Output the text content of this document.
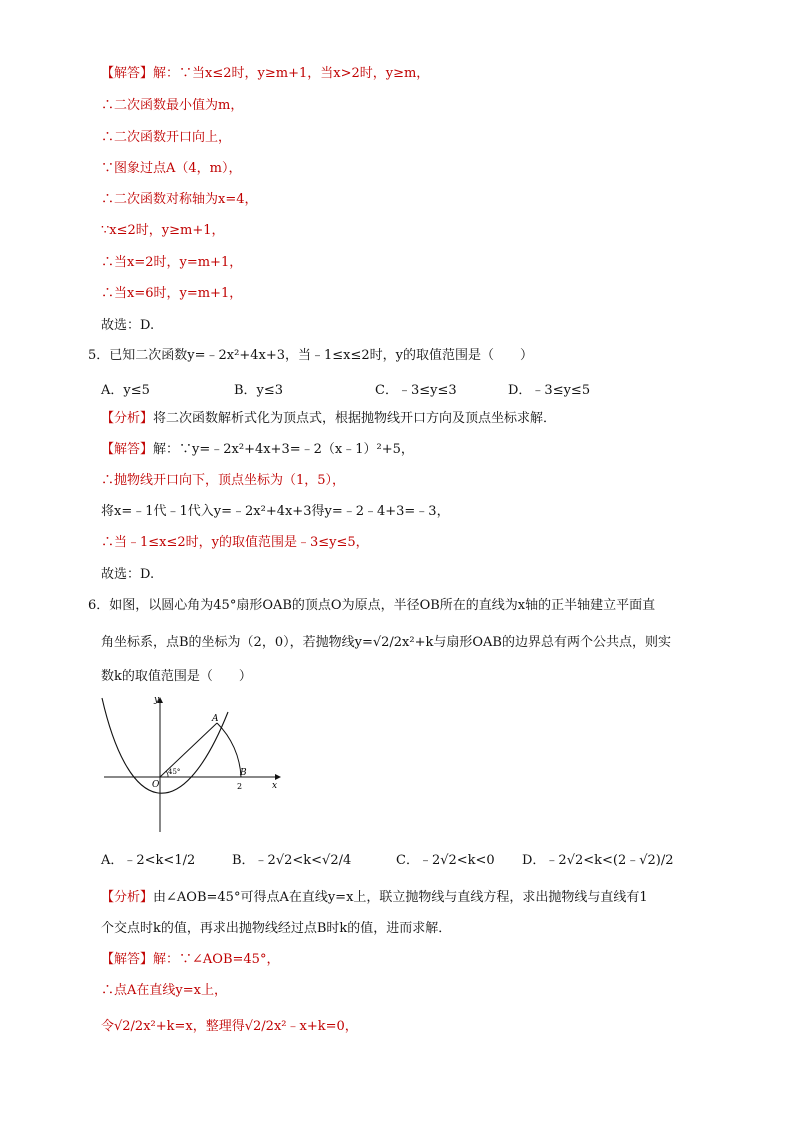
【解答】解：∵当x≤2时，y≥m+1，当x>2时，y≥m，
∴二次函数最小值为m，
∴二次函数开口向上，
∵图象过点A（4，m），
∴二次函数对称轴为x=4，
∵x≤2时，y≥m+1，
∴当x=2时，y=m+1，
∴当x=6时，y=m+1，
故选：D.
5．已知二次函数y=﹣2x²+4x+3，当﹣1≤x≤2时，y的取值范围是（　　）
A．y≤5	B．y≤3	C．﹣3≤y≤3	D．﹣3≤y≤5
【分析】将二次函数解析式化为顶点式，根据抛物线开口方向及顶点坐标求解．
【解答】解：∵y=﹣2x²+4x+3=﹣2（x﹣1）²+5，
∴抛物线开口向下，顶点坐标为（1，5），
将x=﹣1代﹣1代入y=﹣2x²+4x+3得y=﹣2﹣4+3=﹣3，
∴当﹣1≤x≤2时，y的取值范围是﹣3≤y≤5，
故选：D.
6．如图，以圆心角为45°扇形OAB的顶点O为原点，半径OB所在的直线为x轴的正半轴建立平面直
角坐标系，点B的坐标为（2，0），若抛物线y=√2/2x²+k与扇形OAB的边界总有两个公共点，则实
数k的取值范围是（　　）
y
x
A
B
O
45°
2
A．﹣2<k<1/2	B．﹣2√2<k<√2/4	C．﹣2√2<k<0 D．﹣2√2<k<(2﹣√2)/2
【分析】由∠AOB=45°可得点A在直线y=x上，联立抛物线与直线方程，求出抛物线与直线有1
个交点时k的值，再求出抛物线经过点B时k的值，进而求解．
【解答】解：∵∠AOB=45°，
∴点A在直线y=x上，
令√2/2x²+k=x，整理得√2/2x²﹣x+k=0，
